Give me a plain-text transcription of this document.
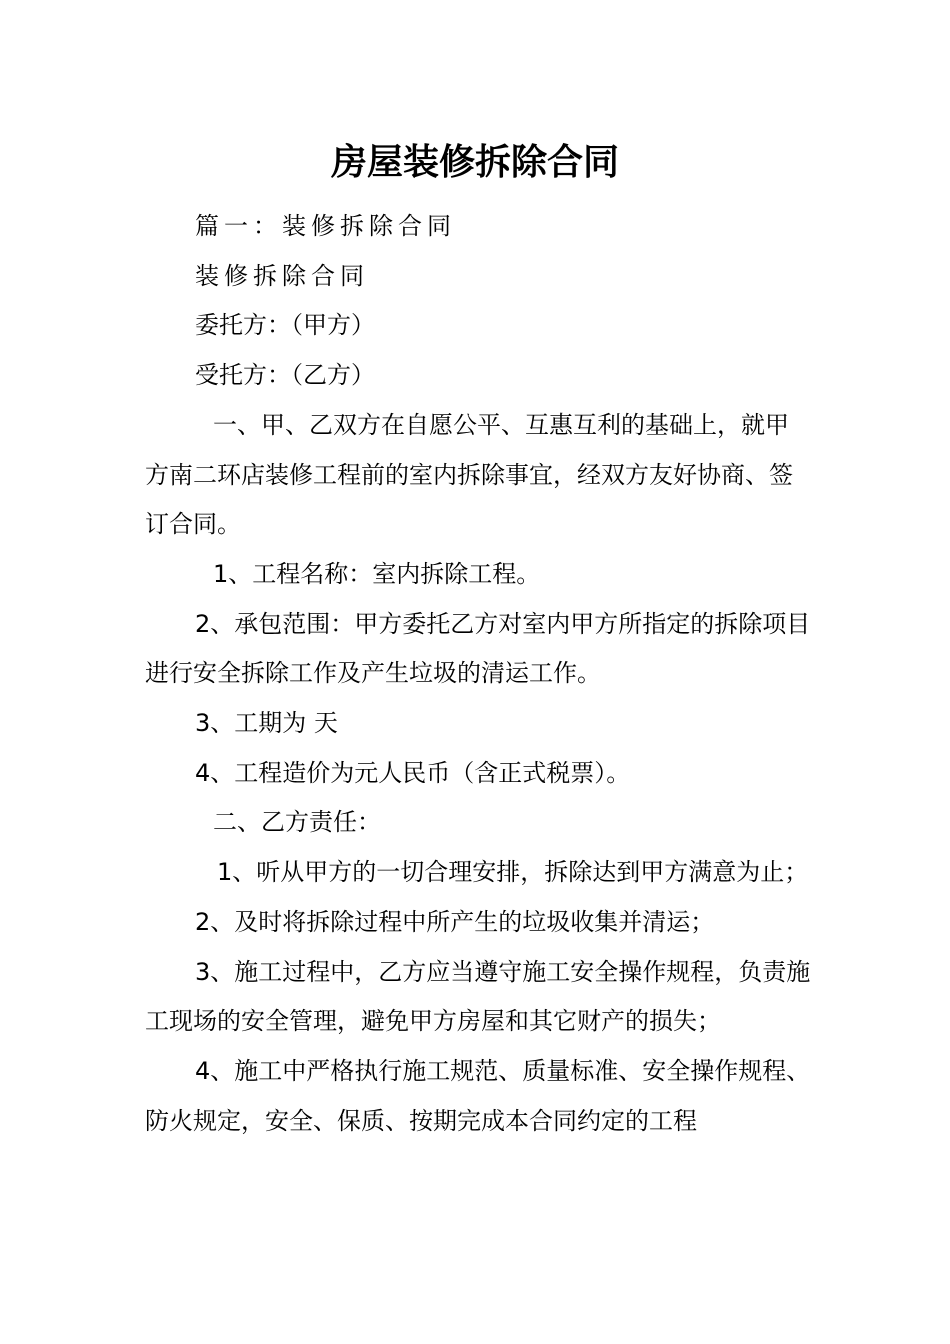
房屋装修拆除合同

篇一：装修拆除合同

装修拆除合同

委托方：（甲方）

受托方：（乙方）

一、甲、乙双方在自愿公平、互惠互利的基础上，就甲方南二环店装修工程前的室内拆除事宜，经双方友好协商、签订合同。

1、工程名称：室内拆除工程。

2、承包范围：甲方委托乙方对室内甲方所指定的拆除项目进行安全拆除工作及产生垃圾的清运工作。

3、工期为 天

4、工程造价为元人民币（含正式税票）。

二、乙方责任：

1、听从甲方的一切合理安排，拆除达到甲方满意为止；

2、及时将拆除过程中所产生的垃圾收集并清运；

3、施工过程中，乙方应当遵守施工安全操作规程，负责施工现场的安全管理，避免甲方房屋和其它财产的损失；

4、施工中严格执行施工规范、质量标准、安全操作规程、防火规定，安全、保质、按期完成本合同约定的工程
